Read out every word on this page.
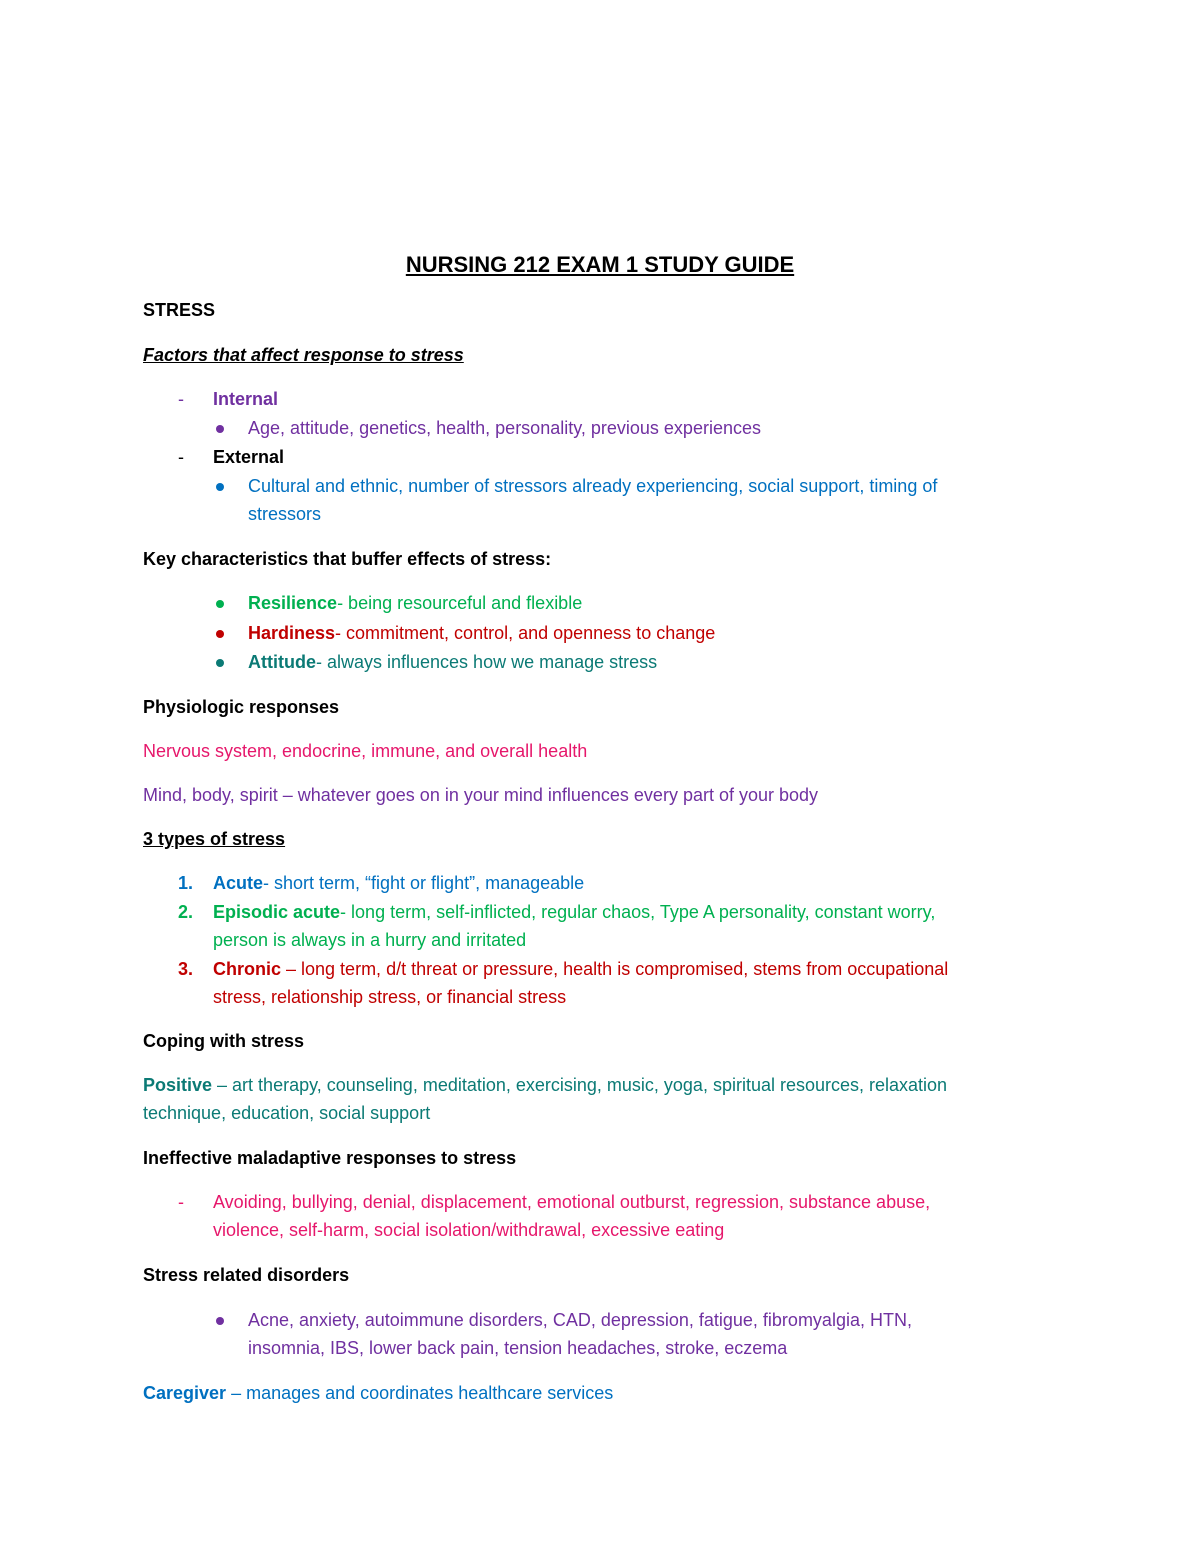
NURSING 212 EXAM 1 STUDY GUIDE
STRESS
Factors that affect response to stress
- Internal
Age, attitude, genetics, health, personality, previous experiences
- External
Cultural and ethnic, number of stressors already experiencing, social support, timing of
stressors
Key characteristics that buffer effects of stress:
Resilience- being resourceful and flexible
Hardiness- commitment, control, and openness to change
Attitude- always influences how we manage stress
Physiologic responses
Nervous system, endocrine, immune, and overall health
Mind, body, spirit – whatever goes on in your mind influences every part of your body
3 types of stress
1. Acute- short term, “fight or flight”, manageable
2. Episodic acute- long term, self-inflicted, regular chaos, Type A personality, constant worry,
person is always in a hurry and irritated
3. Chronic – long term, d/t threat or pressure, health is compromised, stems from occupational
stress, relationship stress, or financial stress
Coping with stress
Positive – art therapy, counseling, meditation, exercising, music, yoga, spiritual resources, relaxation
technique, education, social support
Ineffective maladaptive responses to stress
- Avoiding, bullying, denial, displacement, emotional outburst, regression, substance abuse,
violence, self-harm, social isolation/withdrawal, excessive eating
Stress related disorders
Acne, anxiety, autoimmune disorders, CAD, depression, fatigue, fibromyalgia, HTN,
insomnia, IBS, lower back pain, tension headaches, stroke, eczema
Caregiver – manages and coordinates healthcare services
